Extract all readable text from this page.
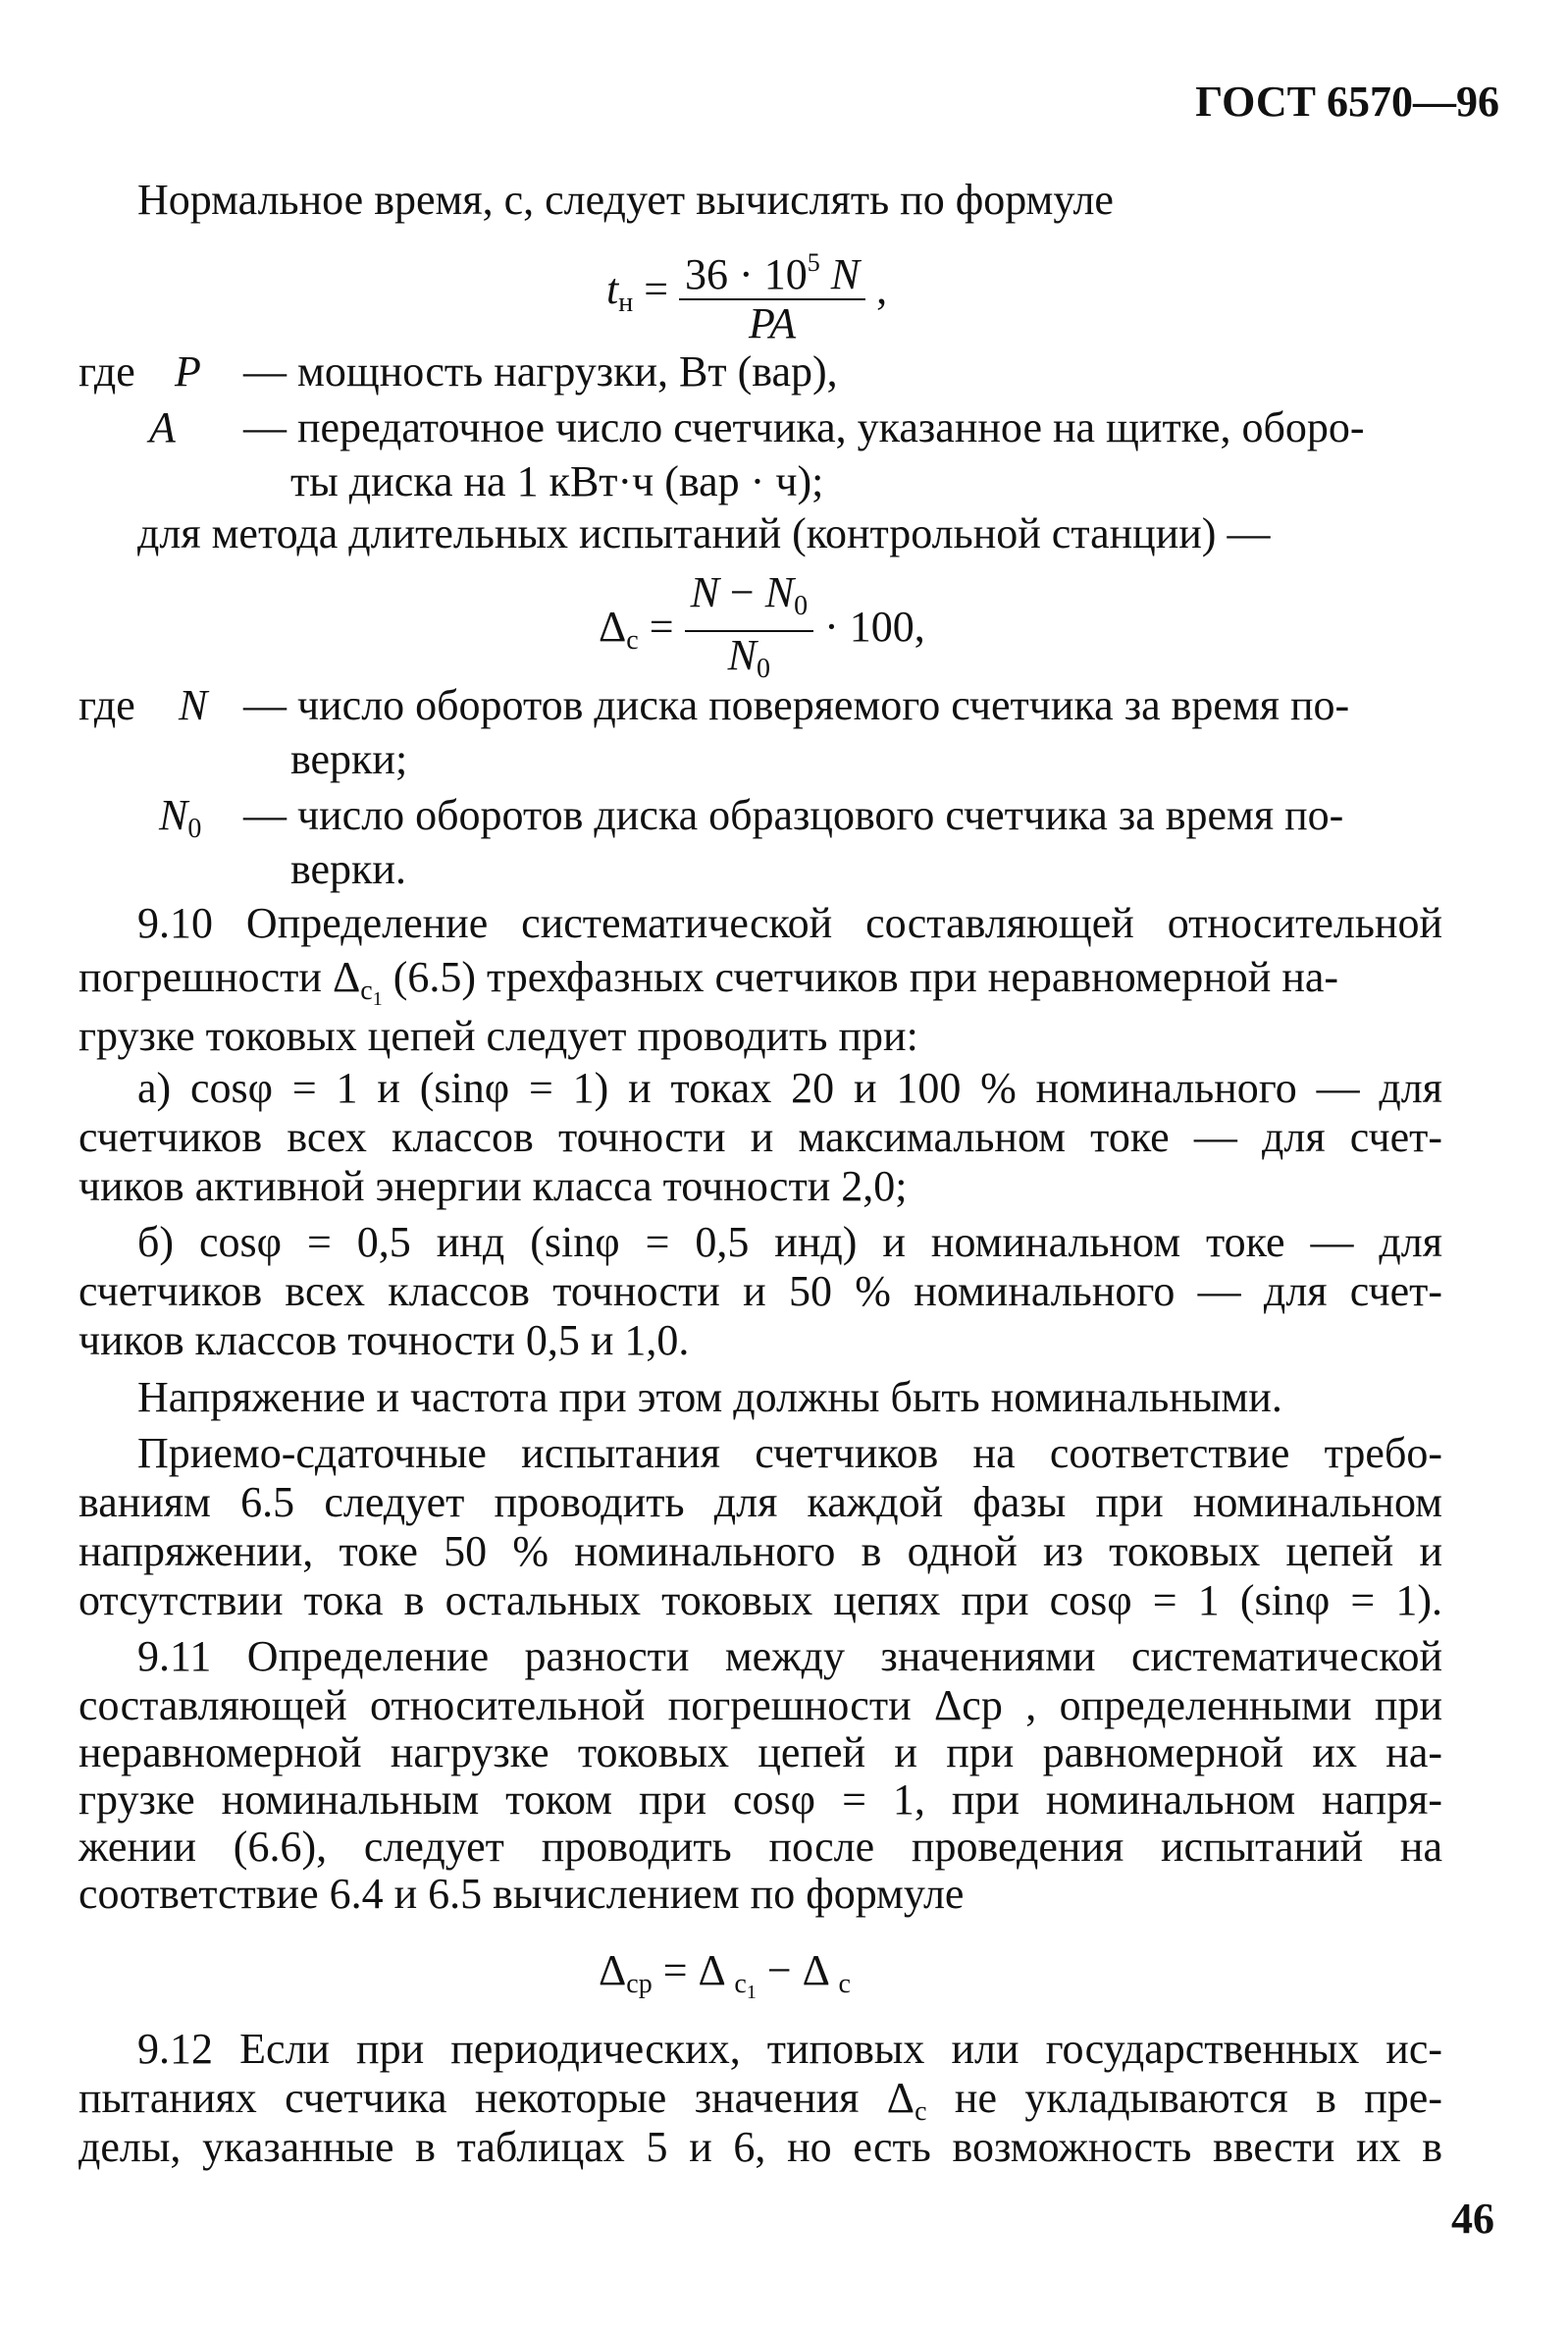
ГОСТ 6570—96
Нормальное время, с, следует вычислять по формуле
$t_н = \frac{36 \cdot 10^5 N}{PA}$ ,
где P — мощность нагрузки, Вт (вар),
A — передаточное число счетчика, указанное на щитке, оборо-
ты диска на 1 кВт·ч (вар · ч);
для метода длительных испытаний (контрольной станции) —
$\Delta_с = \frac{N - N_0}{N_0} \cdot 100$,
где N — число оборотов диска поверяемого счетчика за время по-
верки;
$N_0$ — число оборотов диска образцового счетчика за время по-
верки.
9.10 Определение систематической составляющей относительной
погрешности $\Delta_{с1}$ (6.5) трехфазных счетчиков при неравномерной на-
грузке токовых цепей следует проводить при:
а) cosφ = 1 и (sinφ = 1) и токах 20 и 100 % номинального — для
счетчиков всех классов точности и максимальном токе — для счет-
чиков активной энергии класса точности 2,0;
б) cosφ = 0,5 инд (sinφ = 0,5 инд) и номинальном токе — для
счетчиков всех классов точности и 50 % номинального — для счет-
чиков классов точности 0,5 и 1,0.
Напряжение и частота при этом должны быть номинальными.
Приемо-сдаточные испытания счетчиков на соответствие требо-
ваниям 6.5 следует проводить для каждой фазы при номинальном
напряжении, токе 50 % номинального в одной из токовых цепей и
отсутствии тока в остальных токовых цепях при cosφ = 1 (sinφ = 1).
9.11 Определение разности между значениями систематической
составляющей относительной погрешности Δср , определенными при
неравномерной нагрузке токовых цепей и при равномерной их на-
грузке номинальным током при cosφ = 1, при номинальном напря-
жении (6.6), следует проводить после проведения испытаний на
соответствие 6.4 и 6.5 вычислением по формуле
$\Delta_{ср} = \Delta$ $_{с1}$ − Δ $_с$
9.12 Если при периодических, типовых или государственных ис-
пытаниях счетчика некоторые значения $\Delta_с$ не укладываются в пре-
делы, указанные в таблицах 5 и 6, но есть возможность ввести их в
46
